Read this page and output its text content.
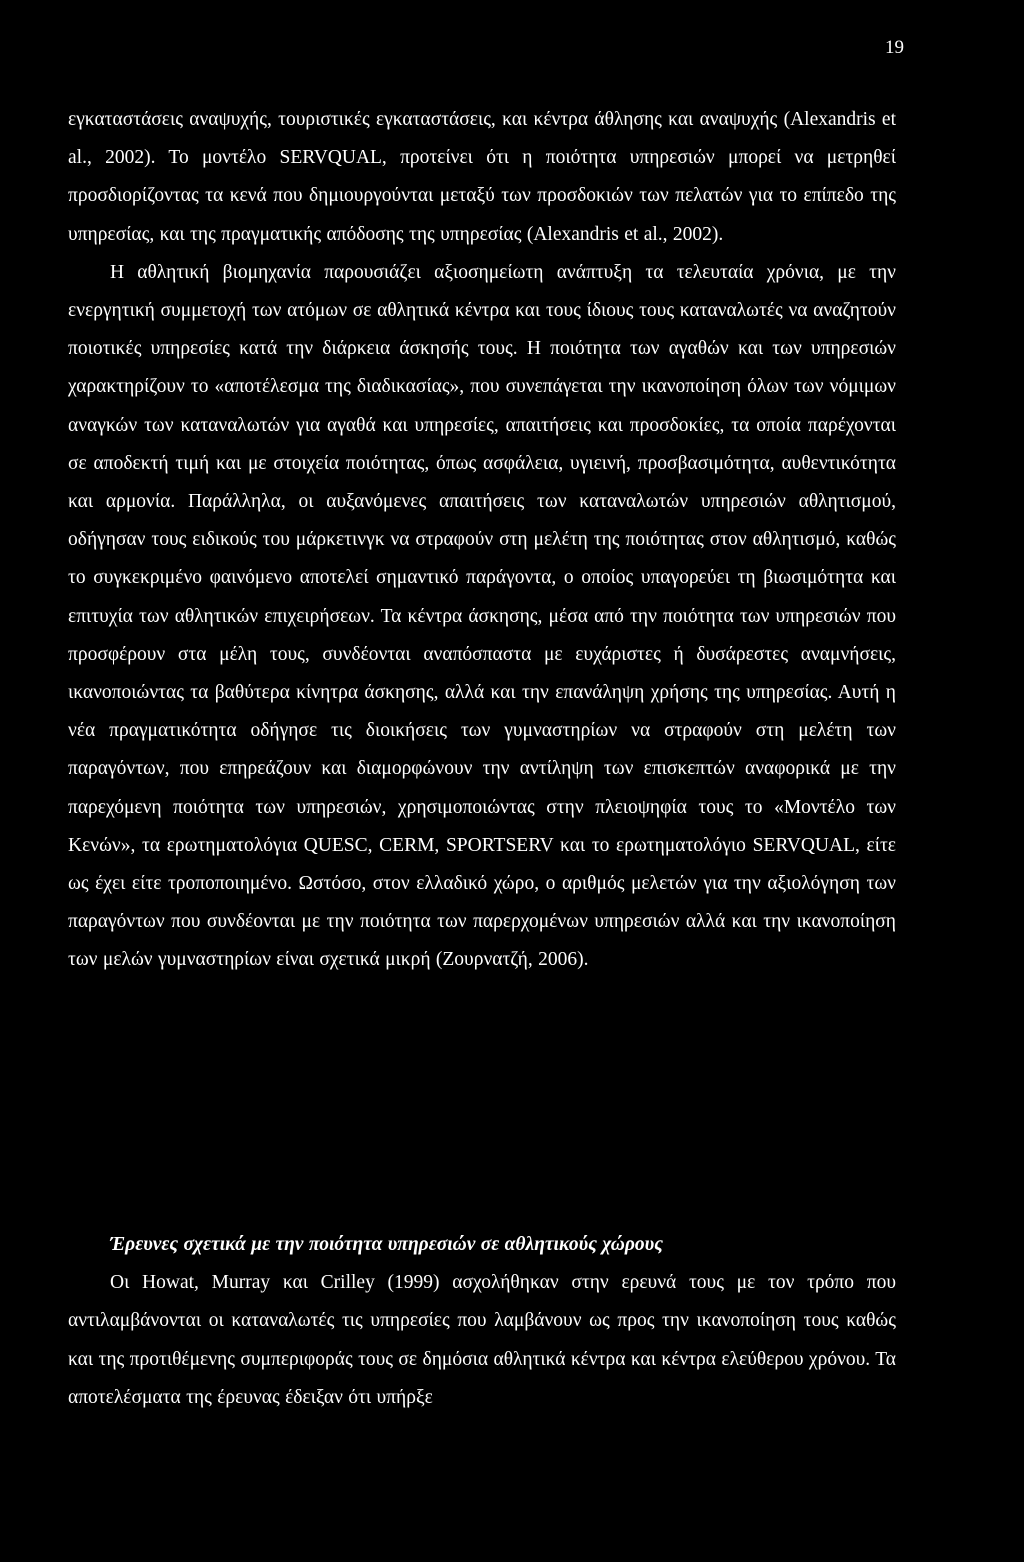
19

εγκαταστάσεις αναψυχής, τουριστικές εγκαταστάσεις, και κέντρα άθλησης και αναψυχής (Alexandris et al., 2002). Το μοντέλο SERVQUAL, προτείνει ότι η ποιότητα υπηρεσιών μπορεί να μετρηθεί προσδιορίζοντας τα κενά που δημιουργούνται μεταξύ των προσδοκιών των πελατών για το επίπεδο της υπηρεσίας, και της πραγματικής απόδοσης της υπηρεσίας (Alexandris et al., 2002).

Η αθλητική βιομηχανία παρουσιάζει αξιοσημείωτη ανάπτυξη τα τελευταία χρόνια, με την ενεργητική συμμετοχή των ατόμων σε αθλητικά κέντρα και τους ίδιους τους καταναλωτές να αναζητούν ποιοτικές υπηρεσίες κατά την διάρκεια άσκησής τους. Η ποιότητα των αγαθών και των υπηρεσιών χαρακτηρίζουν το «αποτέλεσμα της διαδικασίας», που συνεπάγεται την ικανοποίηση όλων των νόμιμων αναγκών των καταναλωτών για αγαθά και υπηρεσίες, απαιτήσεις και προσδοκίες, τα οποία παρέχονται σε αποδεκτή τιμή και με στοιχεία ποιότητας, όπως ασφάλεια, υγιεινή, προσβασιμότητα, αυθεντικότητα και αρμονία. Παράλληλα, οι αυξανόμενες απαιτήσεις των καταναλωτών υπηρεσιών αθλητισμού, οδήγησαν τους ειδικούς του μάρκετινγκ να στραφούν στη μελέτη της ποιότητας στον αθλητισμό, καθώς το συγκεκριμένο φαινόμενο αποτελεί σημαντικό παράγοντα, ο οποίος υπαγορεύει τη βιωσιμότητα και επιτυχία των αθλητικών επιχειρήσεων. Τα κέντρα άσκησης, μέσα από την ποιότητα των υπηρεσιών που προσφέρουν στα μέλη τους, συνδέονται αναπόσπαστα με ευχάριστες ή δυσάρεστες αναμνήσεις, ικανοποιώντας τα βαθύτερα κίνητρα άσκησης, αλλά και την επανάληψη χρήσης της υπηρεσίας. Αυτή η νέα πραγματικότητα οδήγησε τις διοικήσεις των γυμναστηρίων να στραφούν στη μελέτη των παραγόντων, που επηρεάζουν και διαμορφώνουν την αντίληψη των επισκεπτών αναφορικά με την παρεχόμενη ποιότητα των υπηρεσιών, χρησιμοποιώντας στην πλειοψηφία τους το «Μοντέλο των Κενών», τα ερωτηματολόγια QUESC, CERM, SPORTSERV και το ερωτηματολόγιο SERVQUAL, είτε ως έχει είτε τροποποιημένο. Ωστόσο, στον ελλαδικό χώρο, ο αριθμός μελετών για την αξιολόγηση των παραγόντων που συνδέονται με την ποιότητα των παρερχομένων υπηρεσιών αλλά και την ικανοποίηση των μελών γυμναστηρίων είναι σχετικά μικρή (Ζουρνατζή, 2006).

Έρευνες σχετικά με την ποιότητα υπηρεσιών σε αθλητικούς χώρους

Οι Howat, Murray και Crilley (1999) ασχολήθηκαν στην ερευνά τους με τον τρόπο που αντιλαμβάνονται οι καταναλωτές τις υπηρεσίες που λαμβάνουν ως προς την ικανοποίηση τους καθώς και της προτιθέμενης συμπεριφοράς τους σε δημόσια αθλητικά κέντρα και κέντρα ελεύθερου χρόνου. Τα αποτελέσματα της έρευνας έδειξαν ότι υπήρξε
